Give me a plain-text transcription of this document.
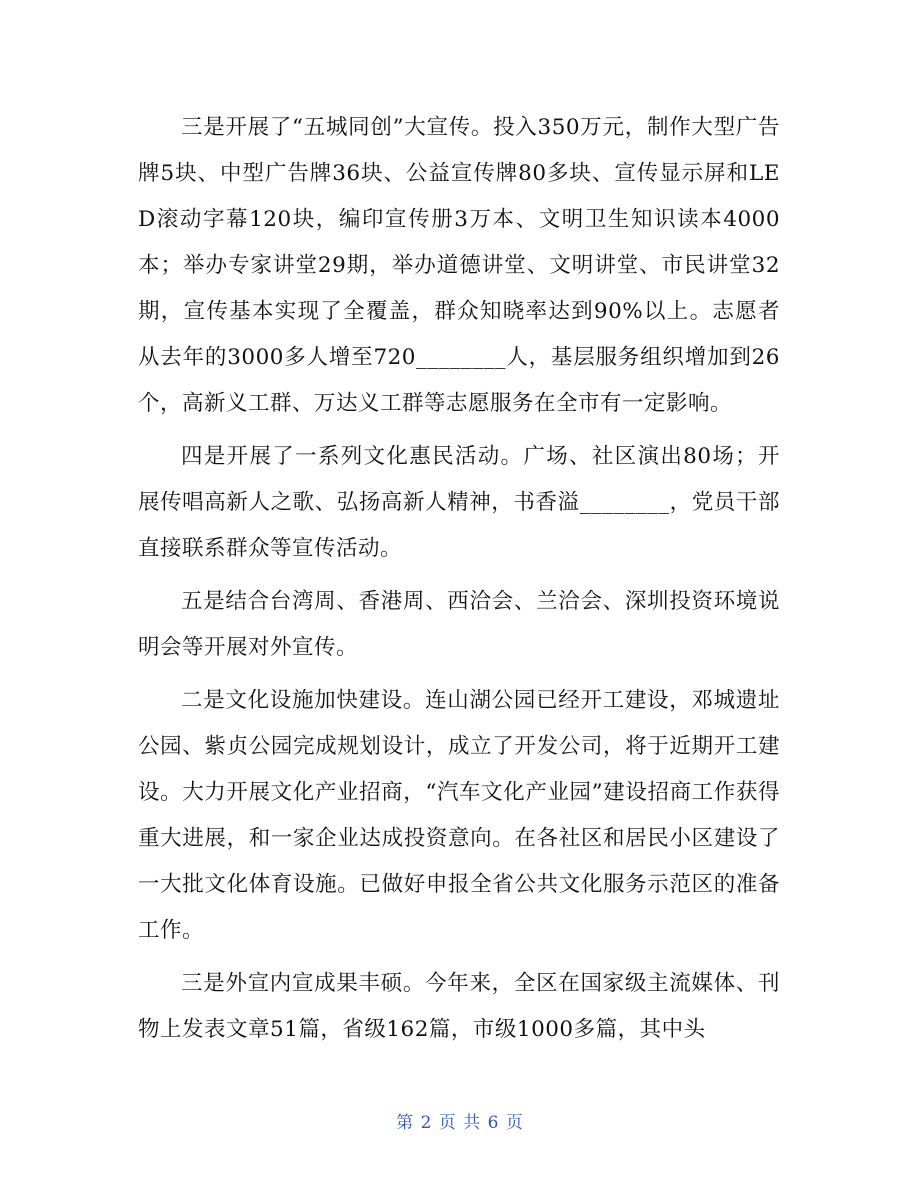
三是开展了“五城同创”大宣传。投入350万元，制作大型广告牌5块、中型广告牌36块、公益宣传牌80多块、宣传显示屏和LED滚动字幕120块，编印宣传册3万本、文明卫生知识读本4000本；举办专家讲堂29期，举办道德讲堂、文明讲堂、市民讲堂32期，宣传基本实现了全覆盖，群众知晓率达到90%以上。志愿者从去年的3000多人增至720________人，基层服务组织增加到26个，高新义工群、万达义工群等志愿服务在全市有一定影响。

四是开展了一系列文化惠民活动。广场、社区演出80场；开展传唱高新人之歌、弘扬高新人精神，书香溢________，党员干部直接联系群众等宣传活动。

五是结合台湾周、香港周、西洽会、兰洽会、深圳投资环境说明会等开展对外宣传。

二是文化设施加快建设。连山湖公园已经开工建设，邓城遗址公园、紫贞公园完成规划设计，成立了开发公司，将于近期开工建设。大力开展文化产业招商，“汽车文化产业园”建设招商工作获得重大进展，和一家企业达成投资意向。在各社区和居民小区建设了一大批文化体育设施。已做好申报全省公共文化服务示范区的准备工作。

三是外宣内宣成果丰硕。今年来，全区在国家级主流媒体、刊物上发表文章51篇，省级162篇，市级1000多篇，其中头

第 2 页 共 6 页
